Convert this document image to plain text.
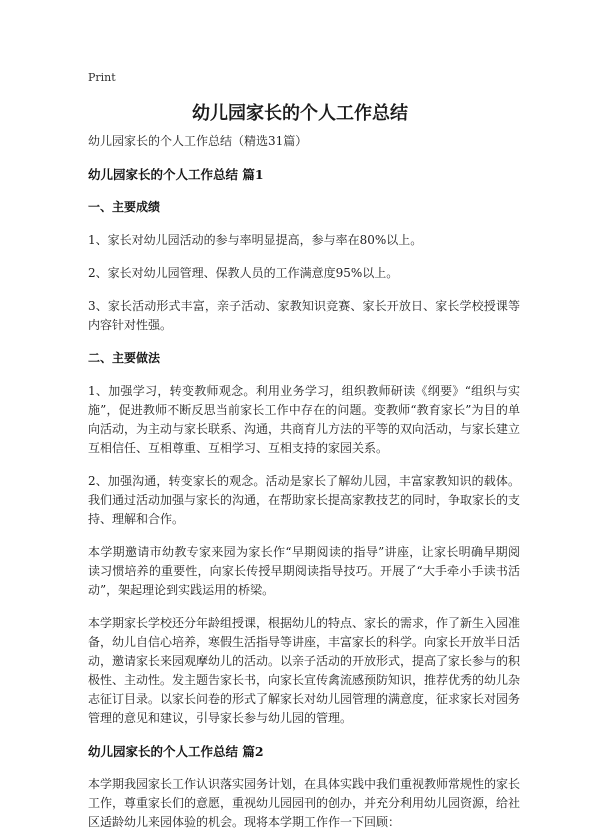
Print
幼儿园家长的个人工作总结

幼儿园家长的个人工作总结（精选31篇）

幼儿园家长的个人工作总结 篇1

一、主要成绩

1、家长对幼儿园活动的参与率明显提高，参与率在80%以上。

2、家长对幼儿园管理、保教人员的工作满意度95%以上。

3、家长活动形式丰富，亲子活动、家教知识竞赛、家长开放日、家长学校授课等内容针对性强。

二、主要做法

1、加强学习，转变教师观念。利用业务学习，组织教师研读《纲要》“组织与实施”，促进教师不断反思当前家长工作中存在的问题。变教师“教育家长”为目的单向活动，为主动与家长联系、沟通，共商育儿方法的平等的双向活动，与家长建立互相信任、互相尊重、互相学习、互相支持的家园关系。

2、加强沟通，转变家长的观念。活动是家长了解幼儿园，丰富家教知识的载体。我们通过活动加强与家长的沟通，在帮助家长提高家教技艺的同时，争取家长的支持、理解和合作。

本学期邀请市幼教专家来园为家长作“早期阅读的指导”讲座，让家长明确早期阅读习惯培养的重要性，向家长传授早期阅读指导技巧。开展了“大手牵小手读书活动”，架起理论到实践运用的桥梁。

本学期家长学校还分年龄组授课，根据幼儿的特点、家长的需求，作了新生入园准备，幼儿自信心培养，寒假生活指导等讲座，丰富家长的科学。向家长开放半日活动，邀请家长来园观摩幼儿的活动。以亲子活动的开放形式，提高了家长参与的积极性、主动性。发主题告家长书，向家长宣传禽流感预防知识，推荐优秀的幼儿杂志征订目录。以家长问卷的形式了解家长对幼儿园管理的满意度，征求家长对园务管理的意见和建议，引导家长参与幼儿园的管理。

幼儿园家长的个人工作总结 篇2

本学期我园家长工作认识落实园务计划，在具体实践中我们重视教师常规性的家长工作，尊重家长们的意愿，重视幼儿园园刊的创办，并充分利用幼儿园资源，给社区适龄幼儿来园体验的机会。现将本学期工作作一下回顾：
